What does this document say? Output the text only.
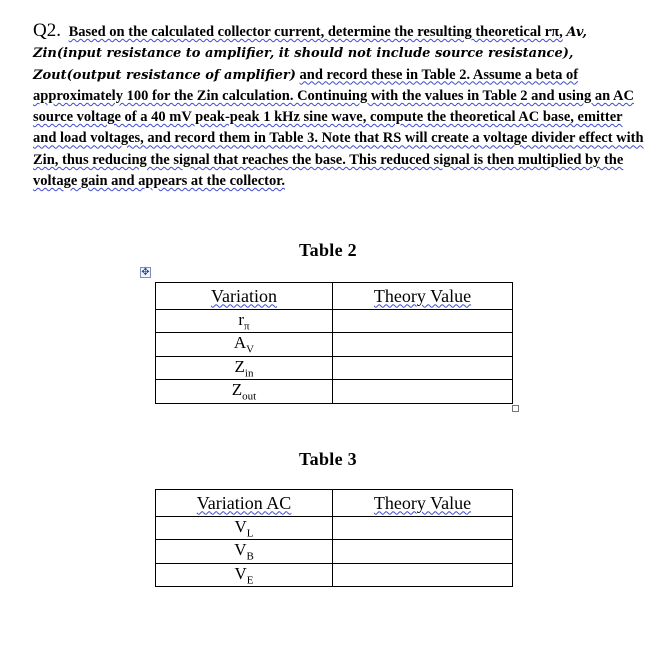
Q2. Based on the calculated collector current, determine the resulting theoretical rπ, Av, Zin(input resistance to amplifier, it should not include source resistance), Zout(output resistance of amplifier) and record these in Table 2. Assume a beta of approximately 100 for the Zin calculation. Continuing with the values in Table 2 and using an AC source voltage of a 40 mV peak-peak 1 kHz sine wave, compute the theoretical AC base, emitter and load voltages, and record them in Table 3. Note that RS will create a voltage divider effect with Zin, thus reducing the signal that reaches the base. This reduced signal is then multiplied by the voltage gain and appears at the collector.
Table 2
✥
Variation	Theory Value
$r_\pi$	
$A_V$	
$Z_{in}$	
$Z_{out}$	
Table 3
Variation AC	Theory Value
$V_L$	
$V_B$	
$V_E$	
